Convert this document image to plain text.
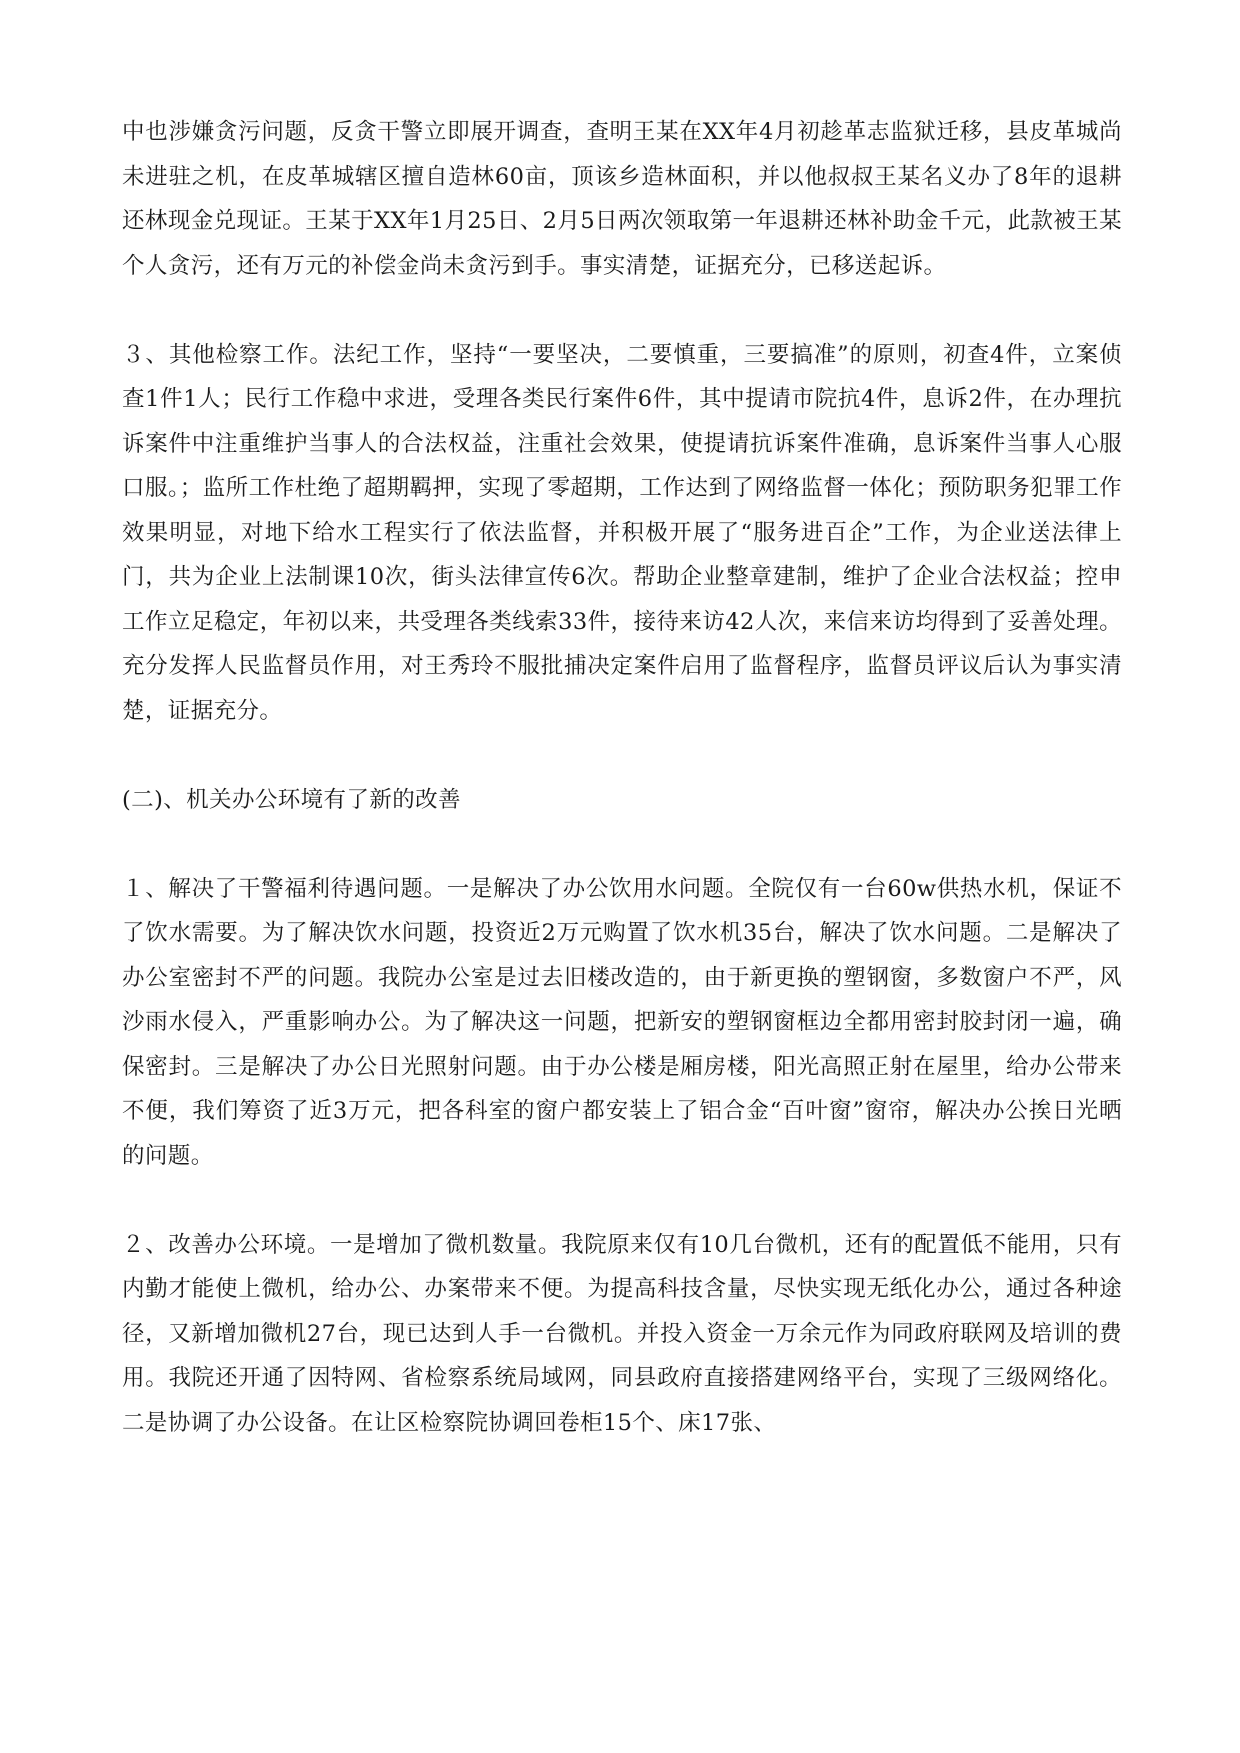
中也涉嫌贪污问题，反贪干警立即展开调查，查明王某在XX年4月初趁革志监狱迁移，县皮革城尚未进驻之机，在皮革城辖区擅自造林60亩，顶该乡造林面积，并以他叔叔王某名义办了8年的退耕还林现金兑现证。王某于XX年1月25日、2月5日两次领取第一年退耕还林补助金千元，此款被王某个人贪污，还有万元的补偿金尚未贪污到手。事实清楚，证据充分，已移送起诉。

３、其他检察工作。法纪工作，坚持“一要坚决，二要慎重，三要搞准”的原则，初查4件，立案侦查1件1人；民行工作稳中求进，受理各类民行案件6件，其中提请市院抗4件，息诉2件，在办理抗诉案件中注重维护当事人的合法权益，注重社会效果，使提请抗诉案件准确，息诉案件当事人心服口服。；监所工作杜绝了超期羁押，实现了零超期，工作达到了网络监督一体化；预防职务犯罪工作效果明显，对地下给水工程实行了依法监督，并积极开展了“服务进百企”工作，为企业送法律上门，共为企业上法制课10次，街头法律宣传6次。帮助企业整章建制，维护了企业合法权益；控申工作立足稳定，年初以来，共受理各类线索33件，接待来访42人次，来信来访均得到了妥善处理。充分发挥人民监督员作用，对王秀玲不服批捕决定案件启用了监督程序，监督员评议后认为事实清楚，证据充分。

(二)、机关办公环境有了新的改善

１、解决了干警福利待遇问题。一是解决了办公饮用水问题。全院仅有一台60w供热水机，保证不了饮水需要。为了解决饮水问题，投资近2万元购置了饮水机35台，解决了饮水问题。二是解决了办公室密封不严的问题。我院办公室是过去旧楼改造的，由于新更换的塑钢窗，多数窗户不严，风沙雨水侵入，严重影响办公。为了解决这一问题，把新安的塑钢窗框边全都用密封胶封闭一遍，确保密封。三是解决了办公日光照射问题。由于办公楼是厢房楼，阳光高照正射在屋里，给办公带来不便，我们筹资了近3万元，把各科室的窗户都安装上了铝合金“百叶窗”窗帘，解决办公挨日光晒的问题。

２、改善办公环境。一是增加了微机数量。我院原来仅有10几台微机，还有的配置低不能用，只有内勤才能使上微机，给办公、办案带来不便。为提高科技含量，尽快实现无纸化办公，通过各种途径，又新增加微机27台，现已达到人手一台微机。并投入资金一万余元作为同政府联网及培训的费用。我院还开通了因特网、省检察系统局域网，同县政府直接搭建网络平台，实现了三级网络化。二是协调了办公设备。在让区检察院协调回卷柜15个、床17张、
